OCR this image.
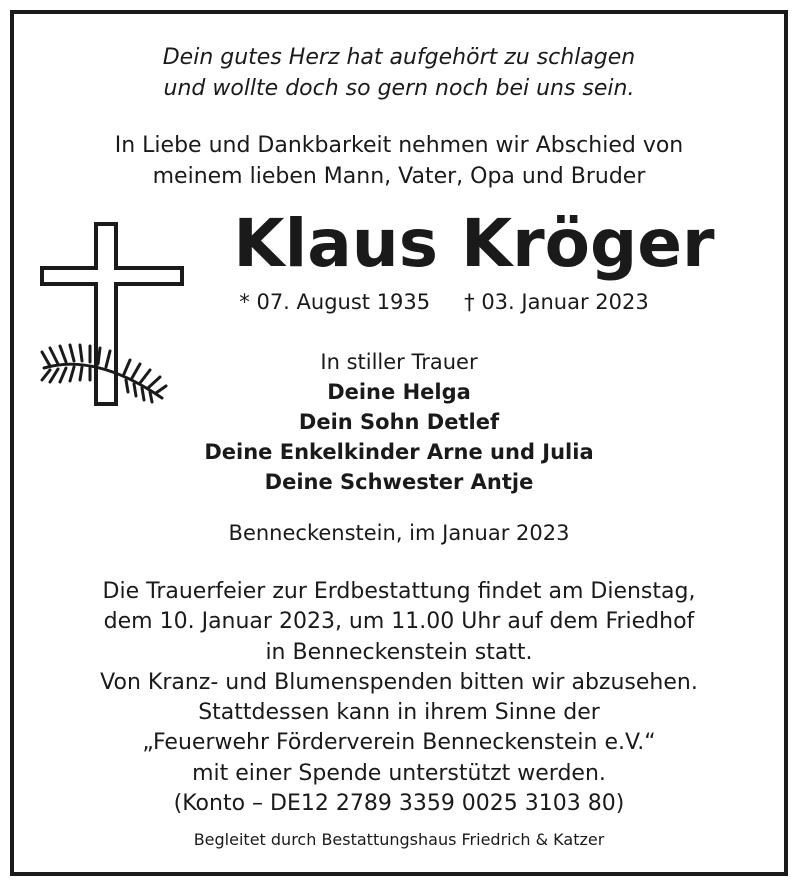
Dein gutes Herz hat aufgehört zu schlagen
und wollte doch so gern noch bei uns sein.
In Liebe und Dankbarkeit nehmen wir Abschied von
meinem lieben Mann, Vater, Opa und Bruder
Klaus Kröger
* 07. August 1935 † 03. Januar 2023
In stiller Trauer
Deine Helga
Dein Sohn Detlef
Deine Enkelkinder Arne und Julia
Deine Schwester Antje
Benneckenstein, im Januar 2023
Die Trauerfeier zur Erdbestattung findet am Dienstag,
dem 10. Januar 2023, um 11.00 Uhr auf dem Friedhof
in Benneckenstein statt.
Von Kranz- und Blumenspenden bitten wir abzusehen.
Stattdessen kann in ihrem Sinne der
„Feuerwehr Förderverein Benneckenstein e.V.“
mit einer Spende unterstützt werden.
(Konto – DE12 2789 3359 0025 3103 80)
Begleitet durch Bestattungshaus Friedrich & Katzer
